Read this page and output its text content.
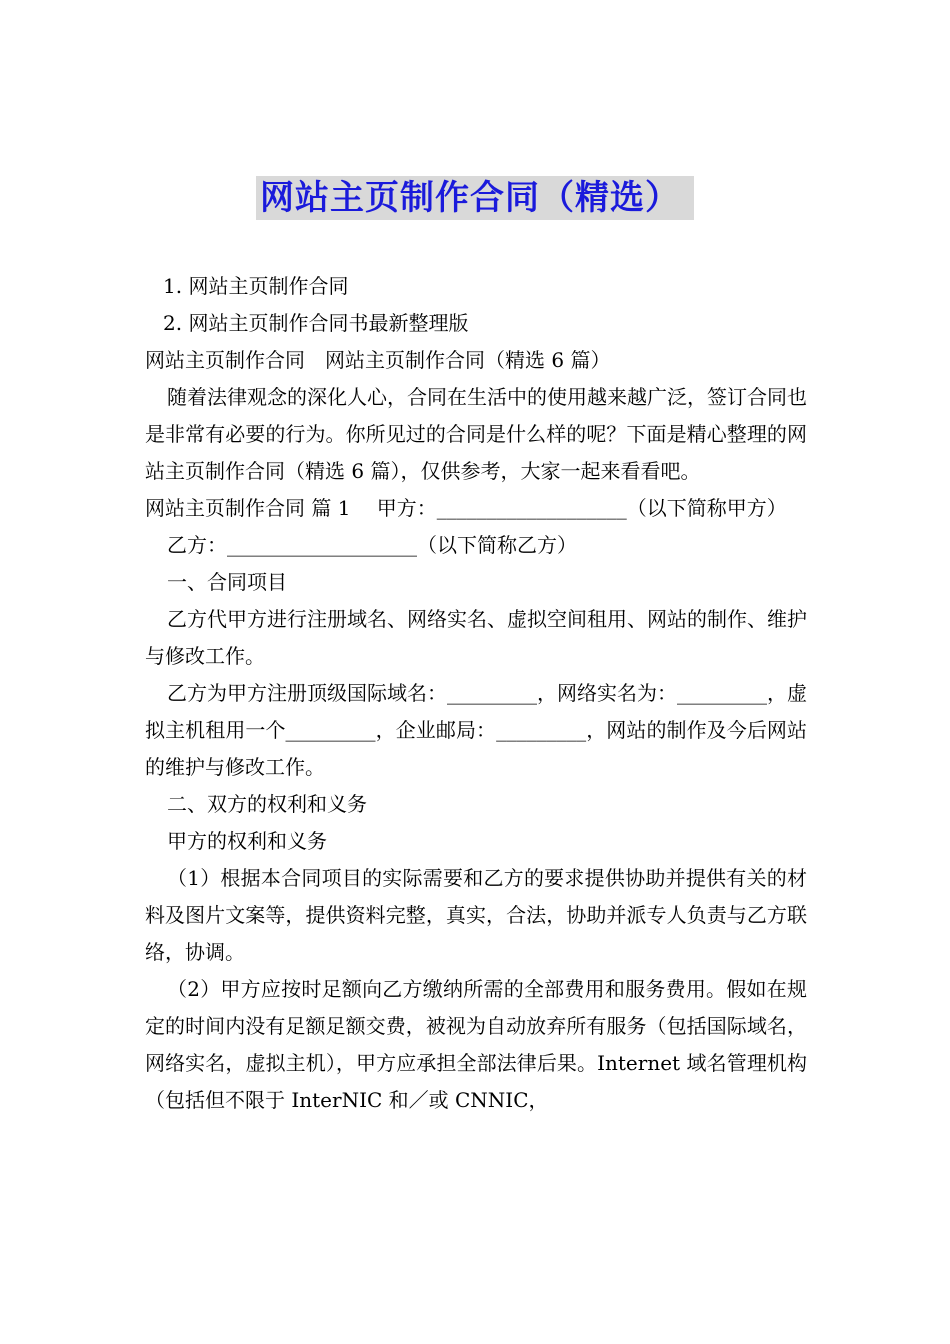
网站主页制作合同（精选）

1. 网站主页制作合同

2. 网站主页制作合同书最新整理版

网站主页制作合同　网站主页制作合同（精选 6 篇）

随着法律观念的深化人心，合同在生活中的使用越来越广泛，签订合同也是非常有必要的行为。你所见过的合同是什么样的呢？下面是精心整理的网站主页制作合同（精选 6 篇），仅供参考，大家一起来看看吧。

网站主页制作合同 篇 1　 甲方：___________________（以下简称甲方）

乙方：___________________（以下简称乙方）

一、合同项目

乙方代甲方进行注册域名、网络实名、虚拟空间租用、网站的制作、维护与修改工作。

乙方为甲方注册顶级国际域名：_________，网络实名为：_________，虚拟主机租用一个_________，企业邮局：_________，网站的制作及今后网站的维护与修改工作。

二、双方的权利和义务

甲方的权利和义务

（1）根据本合同项目的实际需要和乙方的要求提供协助并提供有关的材料及图片文案等，提供资料完整，真实，合法，协助并派专人负责与乙方联络，协调。

（2）甲方应按时足额向乙方缴纳所需的全部费用和服务费用。假如在规定的时间内没有足额足额交费，被视为自动放弃所有服务（包括国际域名，网络实名，虚拟主机），甲方应承担全部法律后果。Internet 域名管理机构（包括但不限于 InterNIC 和／或 CNNIC，
